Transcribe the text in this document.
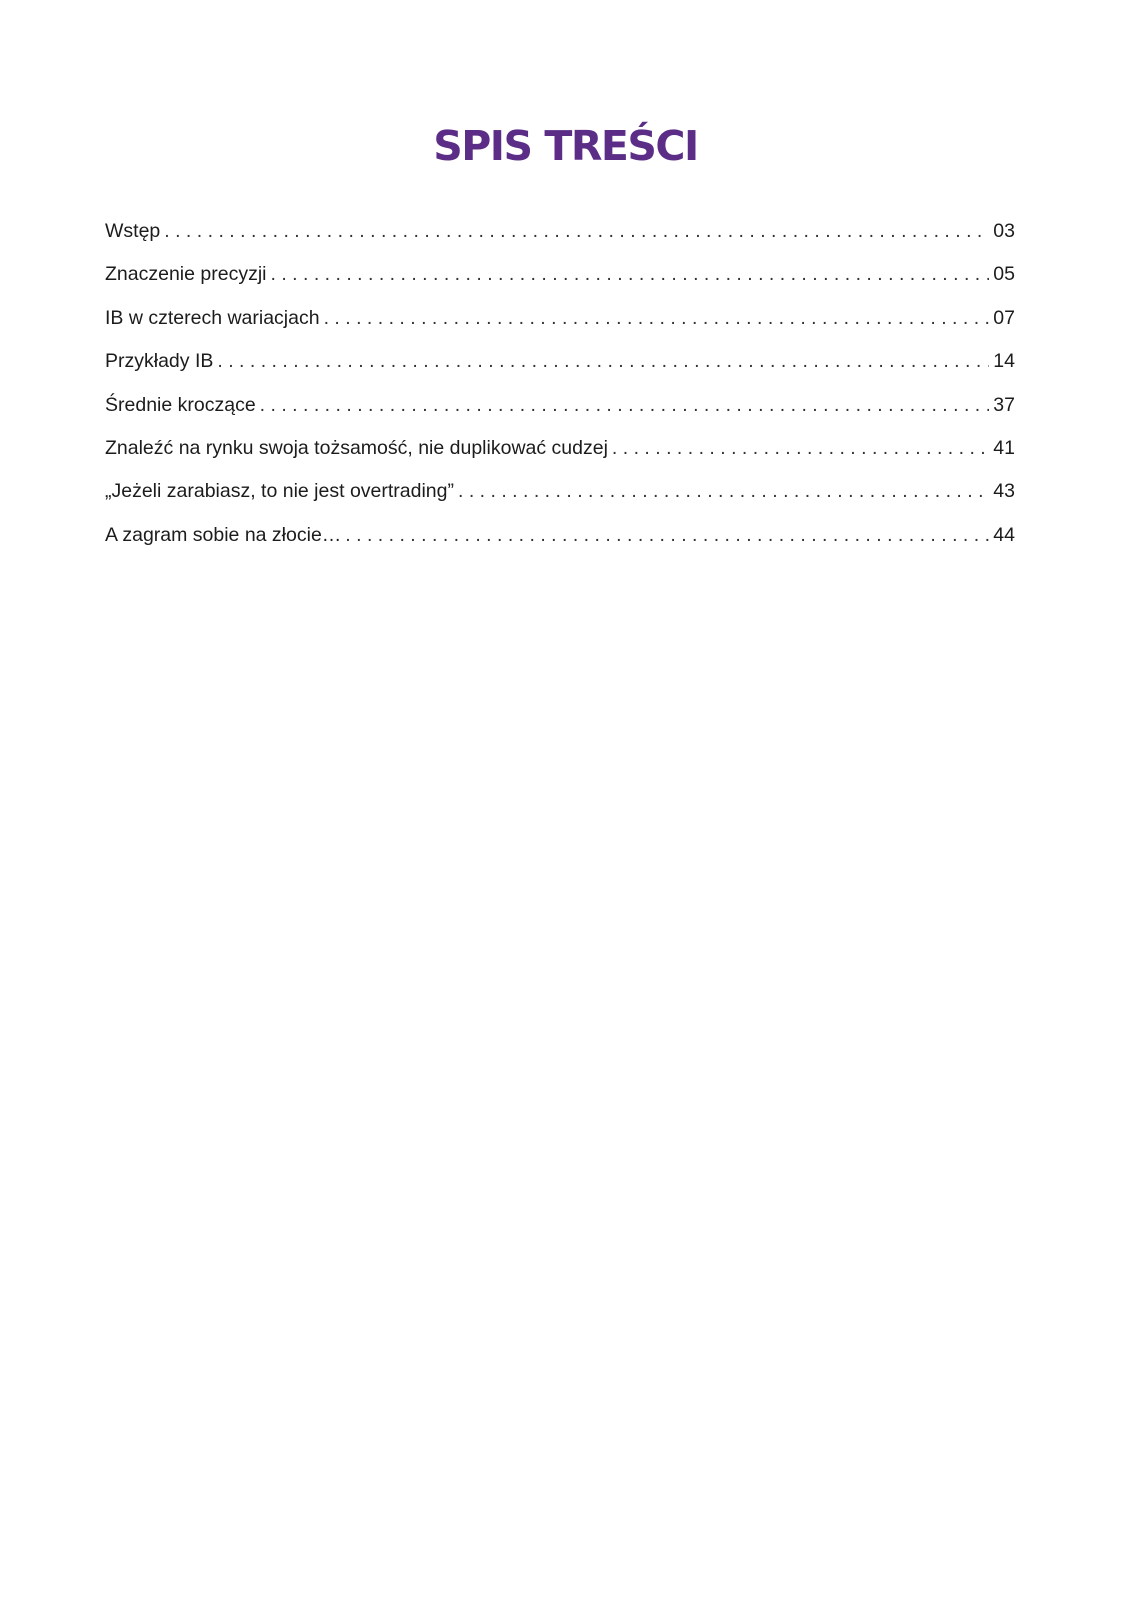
SPIS TREŚCI
Wstęp . . .	03
Znaczenie precyzji . . .	05
IB w czterech wariacjach . . .	07
Przykłady IB . . .	14
Średnie kroczące . . .	37
Znaleźć na rynku swoja tożsamość, nie duplikować cudzej . . .	41
„Jeżeli zarabiasz, to nie jest overtrading” . . .	43
A zagram sobie na złocie… . . .	44
